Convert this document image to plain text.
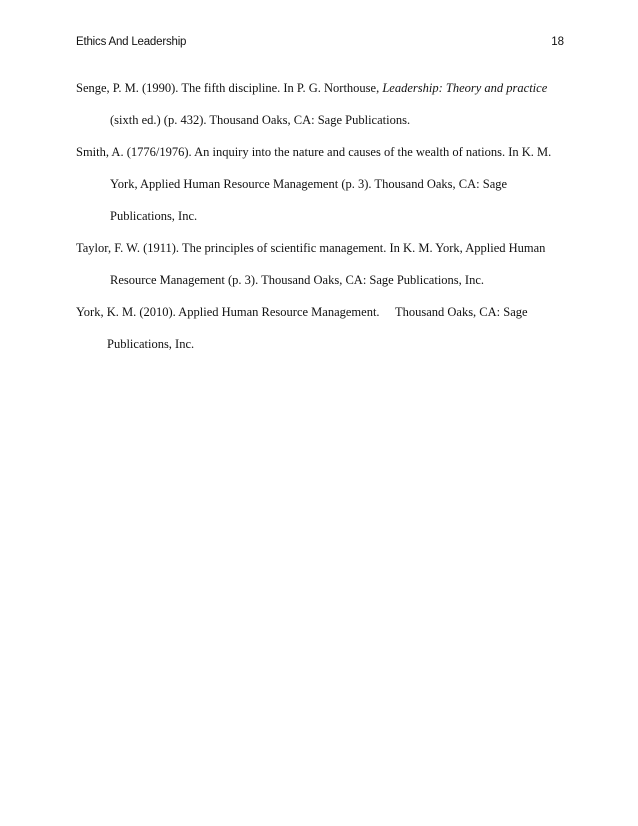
Ethics And Leadership	18
Senge, P. M. (1990). The fifth discipline. In P. G. Northouse, Leadership: Theory and practice
(sixth ed.) (p. 432). Thousand Oaks, CA: Sage Publications.
Smith, A. (1776/1976). An inquiry into the nature and causes of the wealth of nations. In K. M.
York, Applied Human Resource Management (p. 3). Thousand Oaks, CA: Sage
Publications, Inc.
Taylor, F. W. (1911). The principles of scientific management. In K. M. York, Applied Human
Resource Management (p. 3). Thousand Oaks, CA: Sage Publications, Inc.
York, K. M. (2010). Applied Human Resource Management.     Thousand Oaks, CA: Sage
Publications, Inc.
